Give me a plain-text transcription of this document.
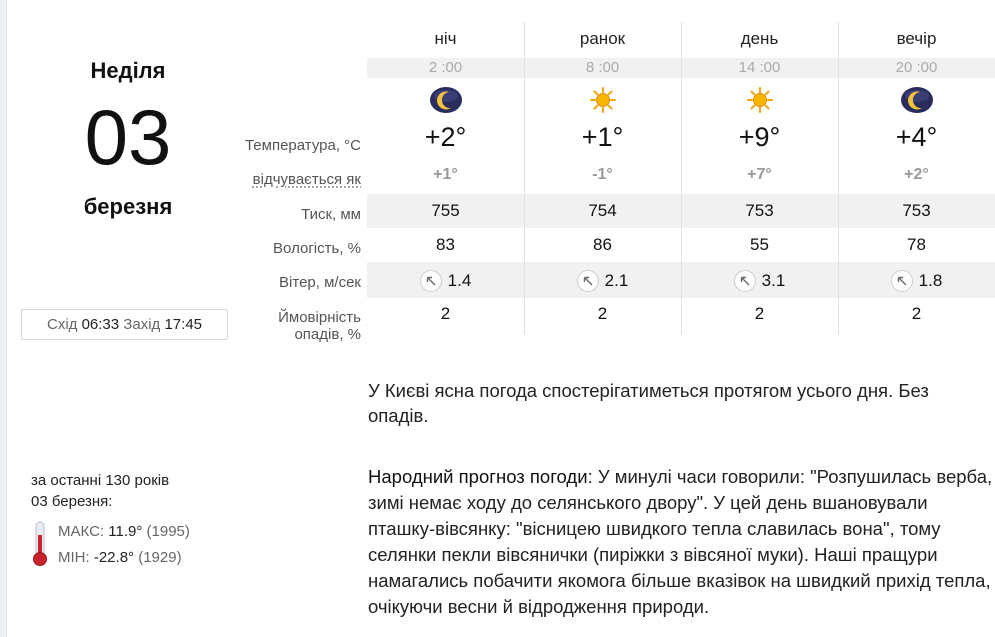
Неділя
03
березня
Схід 06:33 Захід 17:45
Температура, °C
відчувається як
Тиск, мм
Вологість, %
Вітер, м/сек
Ймовірність
опадів, %
ніч
2 :00
+2°
+1°
755
83
1.4
2
ранок
8 :00
+1°
-1°
754
86
2.1
2
день
14 :00
+9°
+7°
753
55
3.1
2
вечір
20 :00
+4°
+2°
753
78
1.8
2
У Києві ясна погода спостерігатиметься протягом усього дня. Без опадів.
Народний прогноз погоди: У минулі часи говорили: "Розпушилась верба, зимі немає ходу до селянського двору". У цей день вшановували пташку-вівсянку: "вісницею швидкого тепла славилась вона", тому селянки пекли вівсянички (пиріжки з вівсяної муки). Наші пращури намагались побачити якомога більше вказівок на швидкий прихід тепла, очікуючи весни й відродження природи.
за останні 130 років
03 березня:
МАКС: 11.9° (1995)
МІН: -22.8° (1929)
